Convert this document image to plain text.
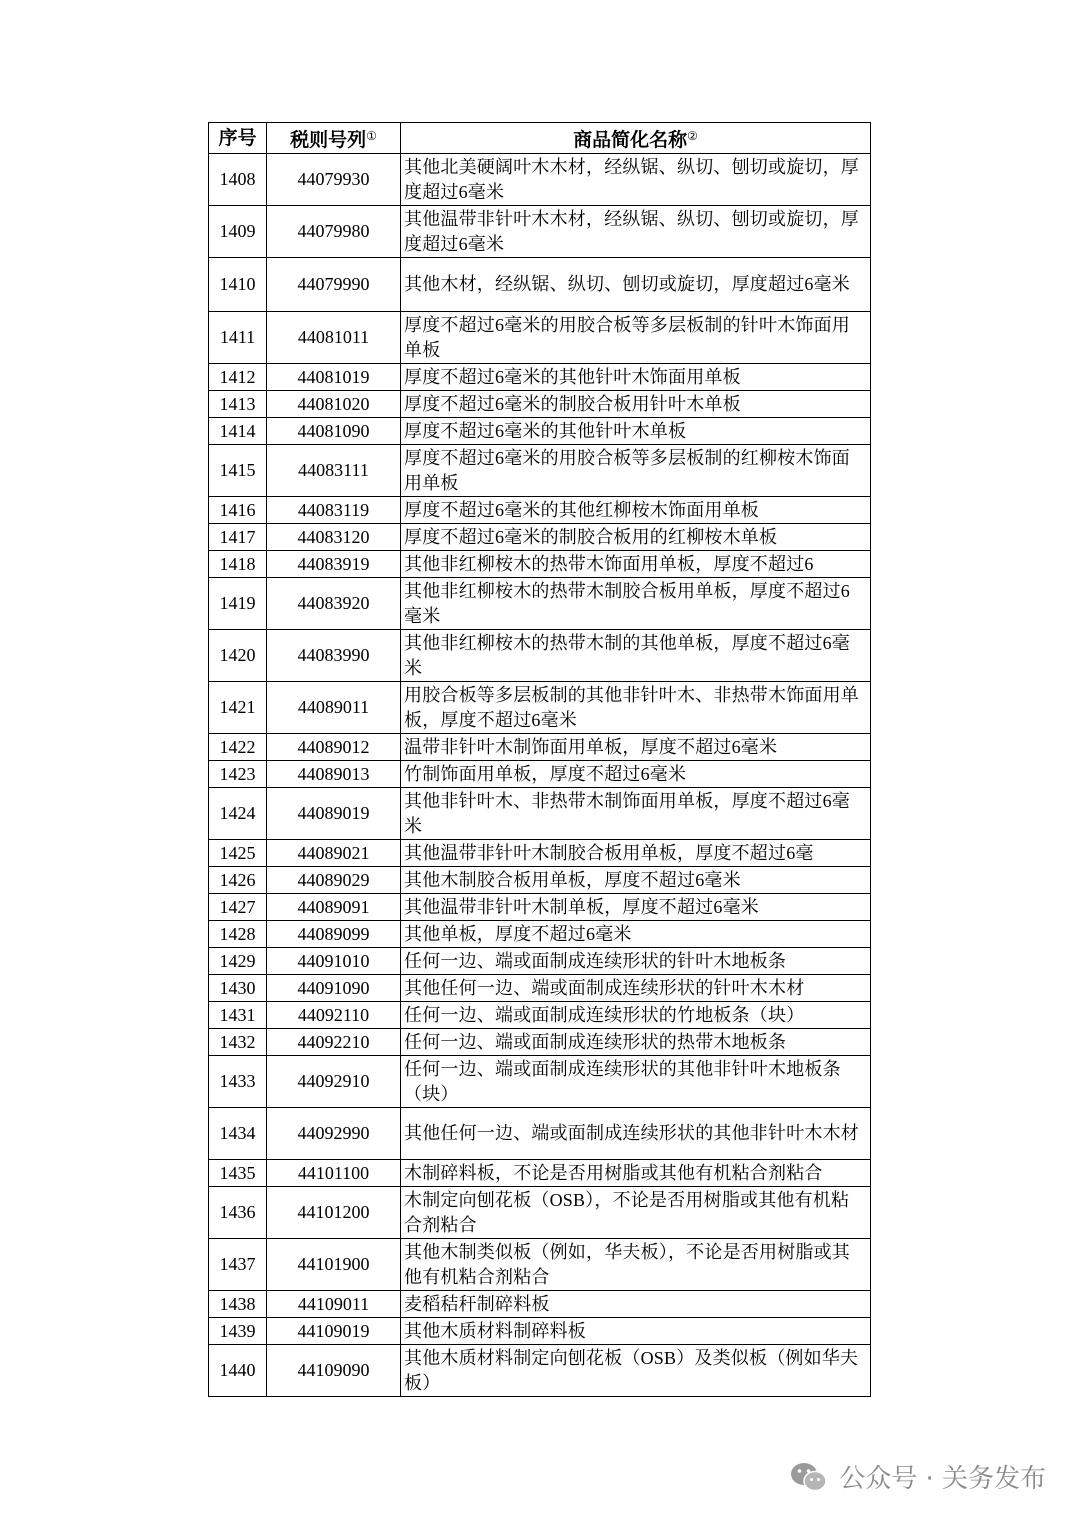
序号	税则号列①	商品简化名称②
1408	44079930	其他北美硬阔叶木木材，经纵锯、纵切、刨切或旋切，厚度超过6毫米
1409	44079980	其他温带非针叶木木材，经纵锯、纵切、刨切或旋切，厚度超过6毫米
1410	44079990	其他木材，经纵锯、纵切、刨切或旋切，厚度超过6毫米
1411	44081011	厚度不超过6毫米的用胶合板等多层板制的针叶木饰面用单板
1412	44081019	厚度不超过6毫米的其他针叶木饰面用单板
1413	44081020	厚度不超过6毫米的制胶合板用针叶木单板
1414	44081090	厚度不超过6毫米的其他针叶木单板
1415	44083111	厚度不超过6毫米的用胶合板等多层板制的红柳桉木饰面用单板
1416	44083119	厚度不超过6毫米的其他红柳桉木饰面用单板
1417	44083120	厚度不超过6毫米的制胶合板用的红柳桉木单板
1418	44083919	其他非红柳桉木的热带木饰面用单板，厚度不超过6
1419	44083920	其他非红柳桉木的热带木制胶合板用单板，厚度不超过6毫米
1420	44083990	其他非红柳桉木的热带木制的其他单板，厚度不超过6毫米
1421	44089011	用胶合板等多层板制的其他非针叶木、非热带木饰面用单板，厚度不超过6毫米
1422	44089012	温带非针叶木制饰面用单板，厚度不超过6毫米
1423	44089013	竹制饰面用单板，厚度不超过6毫米
1424	44089019	其他非针叶木、非热带木制饰面用单板，厚度不超过6毫米
1425	44089021	其他温带非针叶木制胶合板用单板，厚度不超过6毫
1426	44089029	其他木制胶合板用单板，厚度不超过6毫米
1427	44089091	其他温带非针叶木制单板，厚度不超过6毫米
1428	44089099	其他单板，厚度不超过6毫米
1429	44091010	任何一边、端或面制成连续形状的针叶木地板条
1430	44091090	其他任何一边、端或面制成连续形状的针叶木木材
1431	44092110	任何一边、端或面制成连续形状的竹地板条（块）
1432	44092210	任何一边、端或面制成连续形状的热带木地板条
1433	44092910	任何一边、端或面制成连续形状的其他非针叶木地板条（块）
1434	44092990	其他任何一边、端或面制成连续形状的其他非针叶木木材
1435	44101100	木制碎料板，不论是否用树脂或其他有机粘合剂粘合
1436	44101200	木制定向刨花板（OSB），不论是否用树脂或其他有机粘合剂粘合
1437	44101900	其他木制类似板（例如，华夫板），不论是否用树脂或其他有机粘合剂粘合
1438	44109011	麦稻秸秆制碎料板
1439	44109019	其他木质材料制碎料板
1440	44109090	其他木质材料制定向刨花板（OSB）及类似板（例如华夫板）
公众号 · 关务发布
